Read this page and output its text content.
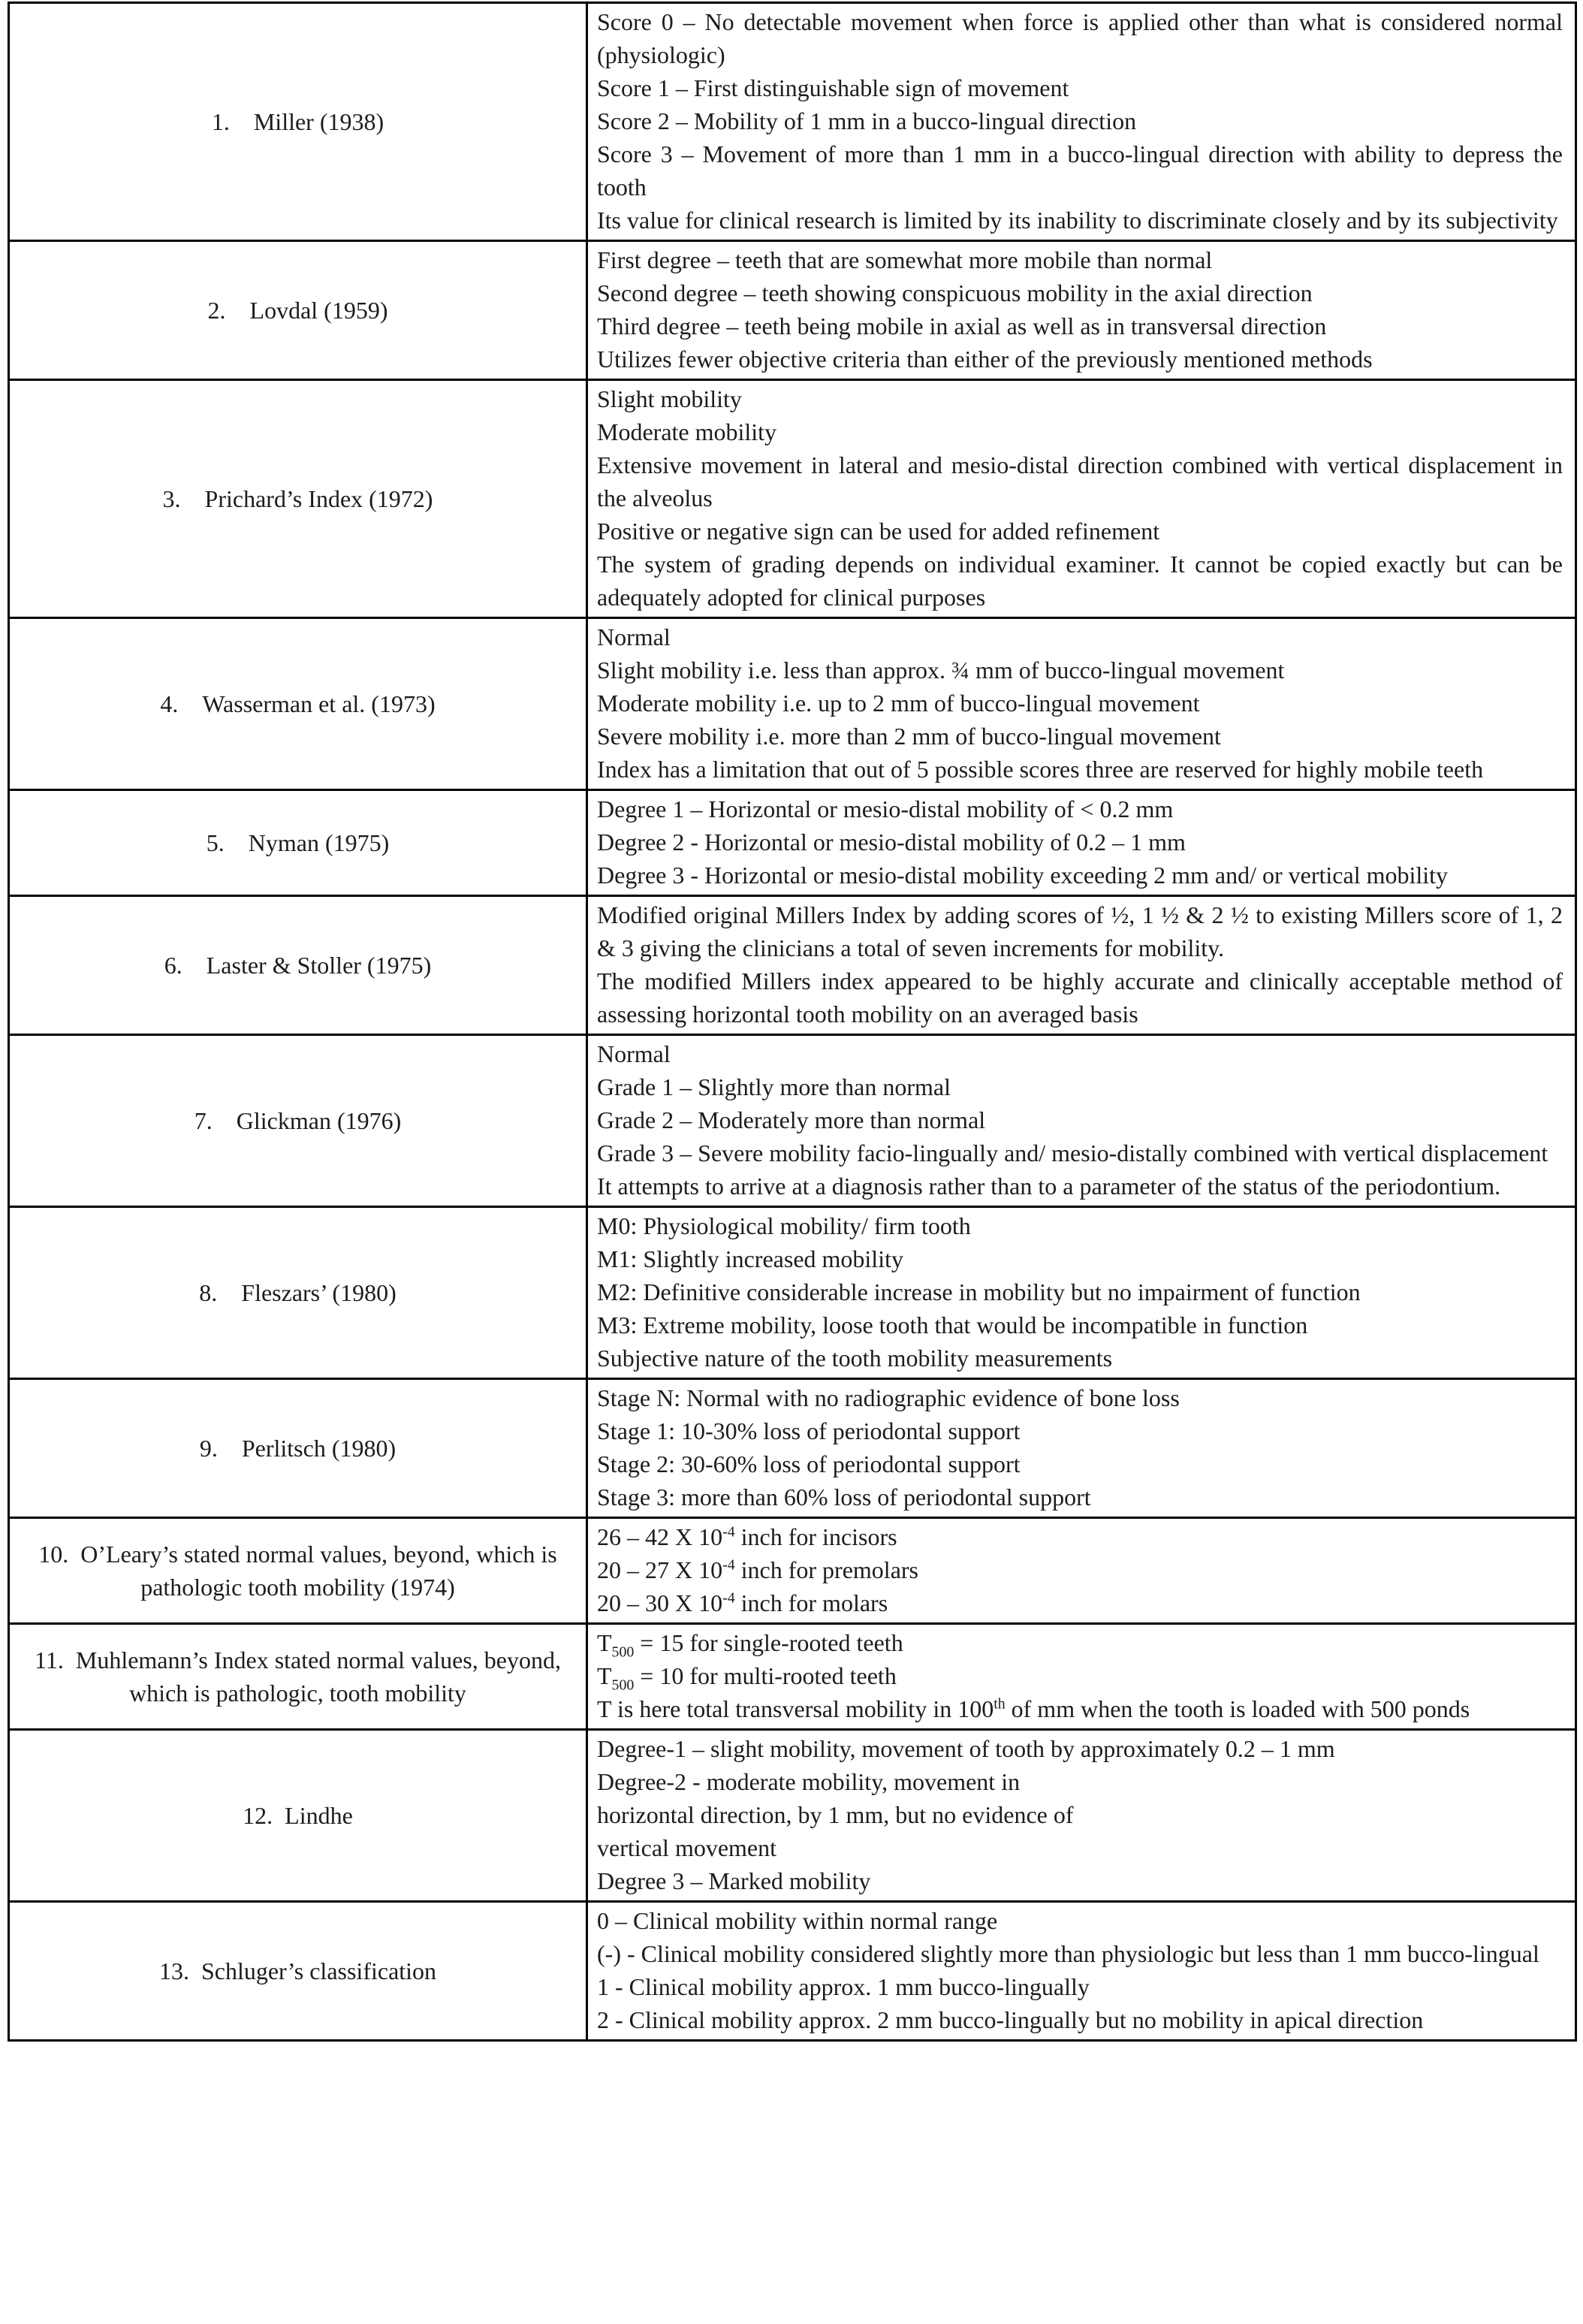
1. Miller (1938)	Score 0 – No detectable movement when force is applied other than what is considered normal (physiologic)
Score 1 – First distinguishable sign of movement
Score 2 – Mobility of 1 mm in a bucco-lingual direction
Score 3 – Movement of more than 1 mm in a bucco-lingual direction with ability to depress the tooth
Its value for clinical research is limited by its inability to discriminate closely and by its subjectivity

2. Lovdal (1959)	First degree – teeth that are somewhat more mobile than normal
Second degree – teeth showing conspicuous mobility in the axial direction
Third degree – teeth being mobile in axial as well as in transversal direction
Utilizes fewer objective criteria than either of the previously mentioned methods

3. Prichard’s Index (1972)	Slight mobility
Moderate mobility
Extensive movement in lateral and mesio-distal direction combined with vertical displacement in the alveolus
Positive or negative sign can be used for added refinement
The system of grading depends on individual examiner. It cannot be copied exactly but can be adequately adopted for clinical purposes

4. Wasserman et al. (1973)	Normal
Slight mobility i.e. less than approx. ¾ mm of bucco-lingual movement
Moderate mobility i.e. up to 2 mm of bucco-lingual movement
Severe mobility i.e. more than 2 mm of bucco-lingual movement
Index has a limitation that out of 5 possible scores three are reserved for highly mobile teeth

5. Nyman (1975)	Degree 1 – Horizontal or mesio-distal mobility of < 0.2 mm
Degree 2 - Horizontal or mesio-distal mobility of 0.2 – 1 mm
Degree 3 - Horizontal or mesio-distal mobility exceeding 2 mm and/ or vertical mobility

6. Laster & Stoller (1975)	Modified original Millers Index by adding scores of ½, 1 ½ & 2 ½ to existing Millers score of 1, 2 & 3 giving the clinicians a total of seven increments for mobility.
The modified Millers index appeared to be highly accurate and clinically acceptable method of assessing horizontal tooth mobility on an averaged basis

7. Glickman (1976)	Normal
Grade 1 – Slightly more than normal
Grade 2 – Moderately more than normal
Grade 3 – Severe mobility facio-lingually and/ mesio-distally combined with vertical displacement
It attempts to arrive at a diagnosis rather than to a parameter of the status of the periodontium.

8. Fleszars’ (1980)	M0: Physiological mobility/ firm tooth
M1: Slightly increased mobility
M2: Definitive considerable increase in mobility but no impairment of function
M3: Extreme mobility, loose tooth that would be incompatible in function
Subjective nature of the tooth mobility measurements

9. Perlitsch (1980)	Stage N: Normal with no radiographic evidence of bone loss
Stage 1: 10-30% loss of periodontal support
Stage 2: 30-60% loss of periodontal support
Stage 3: more than 60% loss of periodontal support

10. O’Leary’s stated normal values, beyond, which is pathologic tooth mobility (1974)	26 – 42 X $10^{-4}$ inch for incisors
20 – 27 X $10^{-4}$ inch for premolars
20 – 30 X $10^{-4}$ inch for molars

11. Muhlemann’s Index stated normal values, beyond, which is pathologic, tooth mobility	$T_{500} = 15$ for single-rooted teeth
$T_{500} = 10$ for multi-rooted teeth
T is here total transversal mobility in 100th of mm when the tooth is loaded with 500 ponds

12. Lindhe	Degree-1 – slight mobility, movement of tooth by approximately 0.2 – 1 mm
Degree-2 - moderate mobility, movement in
horizontal direction, by 1 mm, but no evidence of
vertical movement
Degree 3 – Marked mobility

13. Schluger’s classification	0 – Clinical mobility within normal range
(-) - Clinical mobility considered slightly more than physiologic but less than 1 mm bucco-lingual
1 - Clinical mobility approx. 1 mm bucco-lingually
2 - Clinical mobility approx. 2 mm bucco-lingually but no mobility in apical direction
